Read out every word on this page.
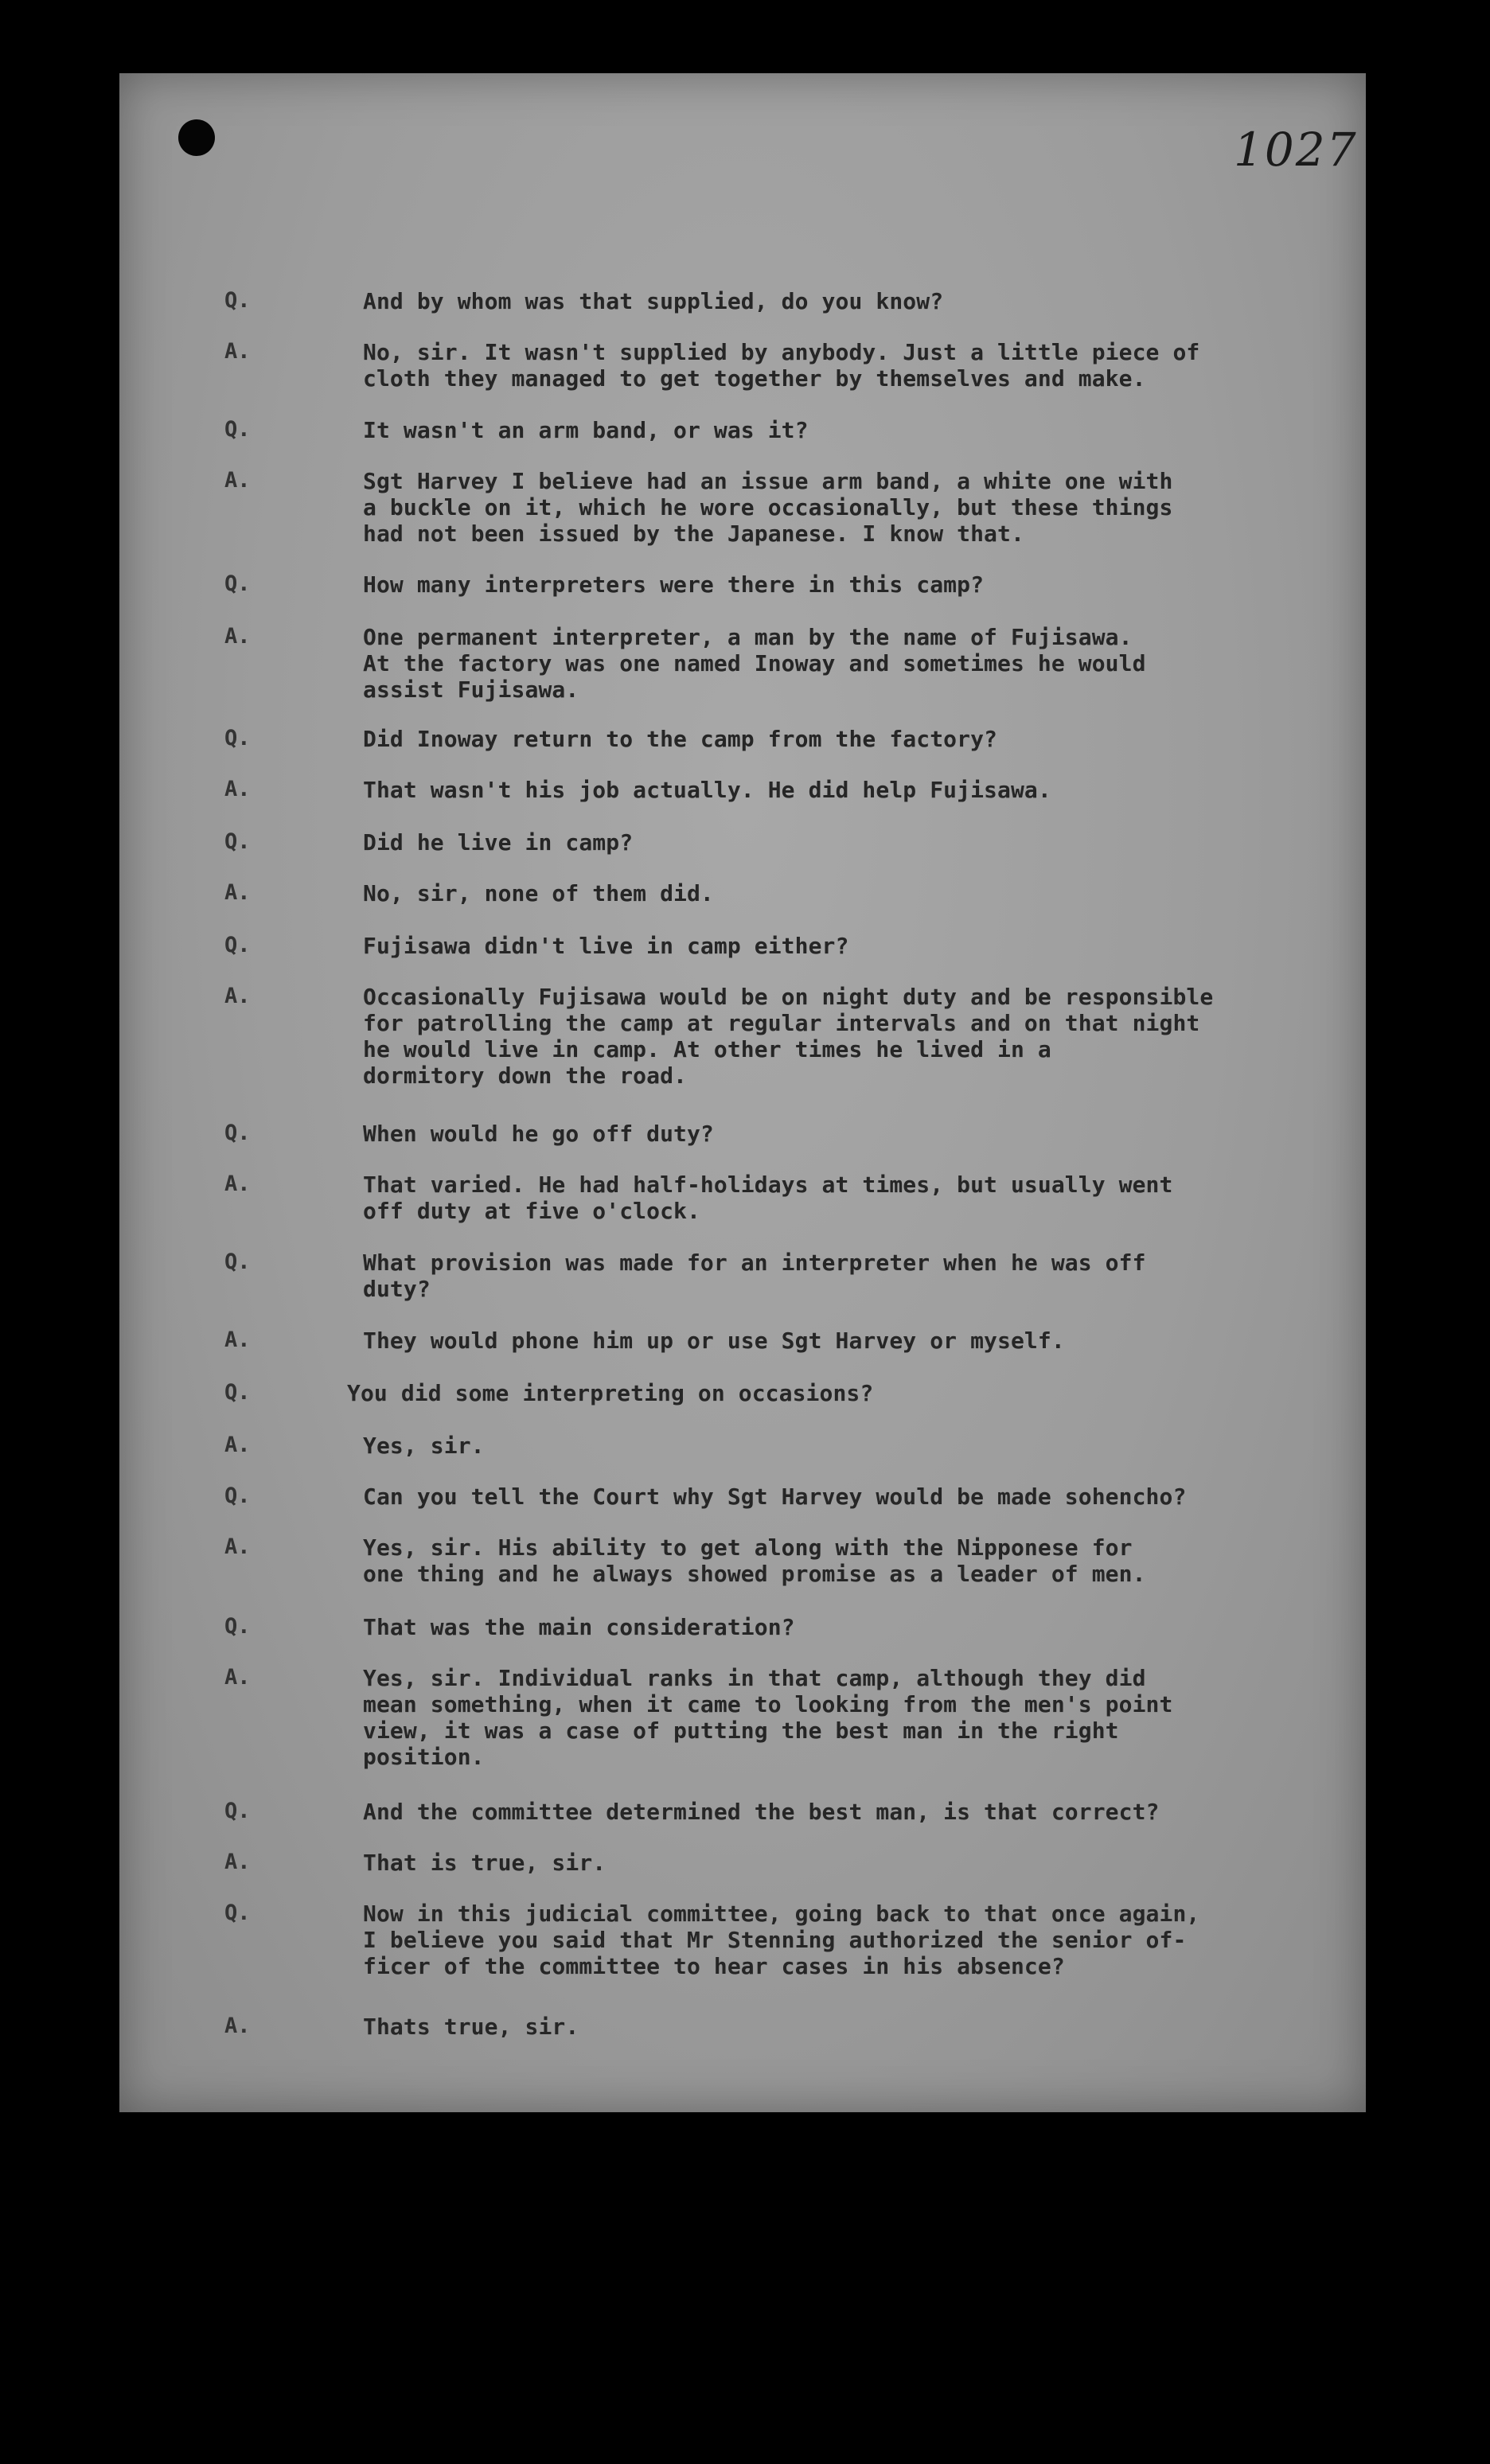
1027
Q.	And by whom was that supplied, do you know?
A.	No, sir. It wasn't supplied by anybody. Just a little piece of
cloth they managed to get together by themselves and make.
Q.	It wasn't an arm band, or was it?
A.	Sgt Harvey I believe had an issue arm band, a white one with
a buckle on it, which he wore occasionally, but these things
had not been issued by the Japanese. I know that.
Q.	How many interpreters were there in this camp?
A.	One permanent interpreter, a man by the name of Fujisawa.
At the factory was one named Inoway and sometimes he would
assist Fujisawa.
Q.	Did Inoway return to the camp from the factory?
A.	That wasn't his job actually. He did help Fujisawa.
Q.	Did he live in camp?
A.	No, sir, none of them did.
Q.	Fujisawa didn't live in camp either?
A.	Occasionally Fujisawa would be on night duty and be responsible
for patrolling the camp at regular intervals and on that night
he would live in camp. At other times he lived in a
dormitory down the road.
Q.	When would he go off duty?
A.	That varied. He had half-holidays at times, but usually went
off duty at five o'clock.
Q.	What provision was made for an interpreter when he was off
duty?
A.	They would phone him up or use Sgt Harvey or myself.
Q.	You did some interpreting on occasions?
A.	Yes, sir.
Q.	Can you tell the Court why Sgt Harvey would be made sohencho?
A.	Yes, sir. His ability to get along with the Nipponese for
one thing and he always showed promise as a leader of men.
Q.	That was the main consideration?
A.	Yes, sir. Individual ranks in that camp, although they did
mean something, when it came to looking from the men's point
view, it was a case of putting the best man in the right
position.
Q.	And the committee determined the best man, is that correct?
A.	That is true, sir.
Q.	Now in this judicial committee, going back to that once again,
I believe you said that Mr Stenning authorized the senior of-
ficer of the committee to hear cases in his absence?
A.	Thats true, sir.
